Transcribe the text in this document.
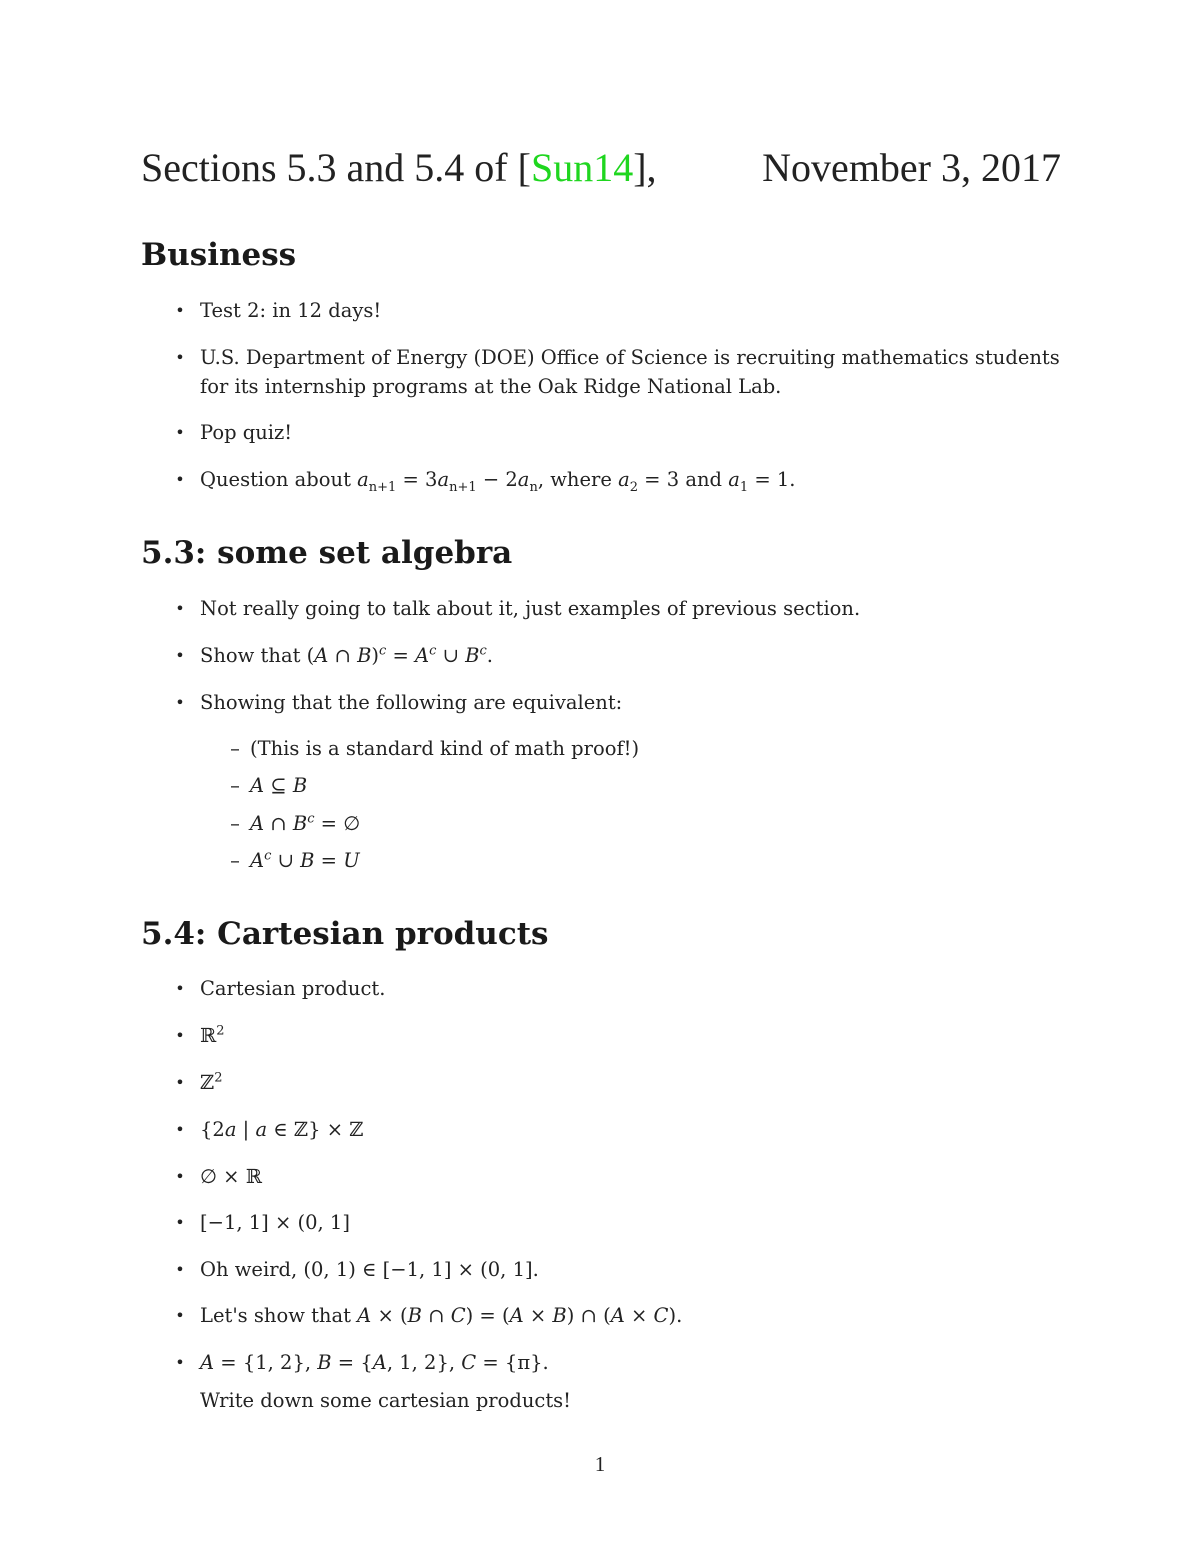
Sections 5.3 and 5.4 of [Sun14],	November 3, 2017
Business
• Test 2: in 12 days!
• U.S. Department of Energy (DOE) Office of Science is recruiting mathematics students for its internship programs at the Oak Ridge National Lab.
• Pop quiz!
• Question about $a_{n+1} = 3a_{n+1} - 2a_n$, where $a_2 = 3$ and $a_1 = 1$.
5.3: some set algebra
• Not really going to talk about it, just examples of previous section.
• Show that (A ∩ $B)^c = A^c$ ∪ $B^c$.
• Showing that the following are equivalent:
– (This is a standard kind of math proof!)
– A ⊆ B
– A ∩ $B^c$ = ∅
– $A^c$ ∪ B = U
5.4: Cartesian products
• Cartesian product.
• ℝ$^2$
• ℤ$^2$
• {2a | a ∈ ℤ} × ℤ
• ∅ × ℝ
• [−1, 1] × (0, 1]
• Oh weird, (0, 1) ∈ [−1, 1] × (0, 1].
• Let's show that A × (B ∩ C) = (A × B) ∩ (A × C).
• A = {1, 2}, B = {A, 1, 2}, C = {π}.
Write down some cartesian products!
1
